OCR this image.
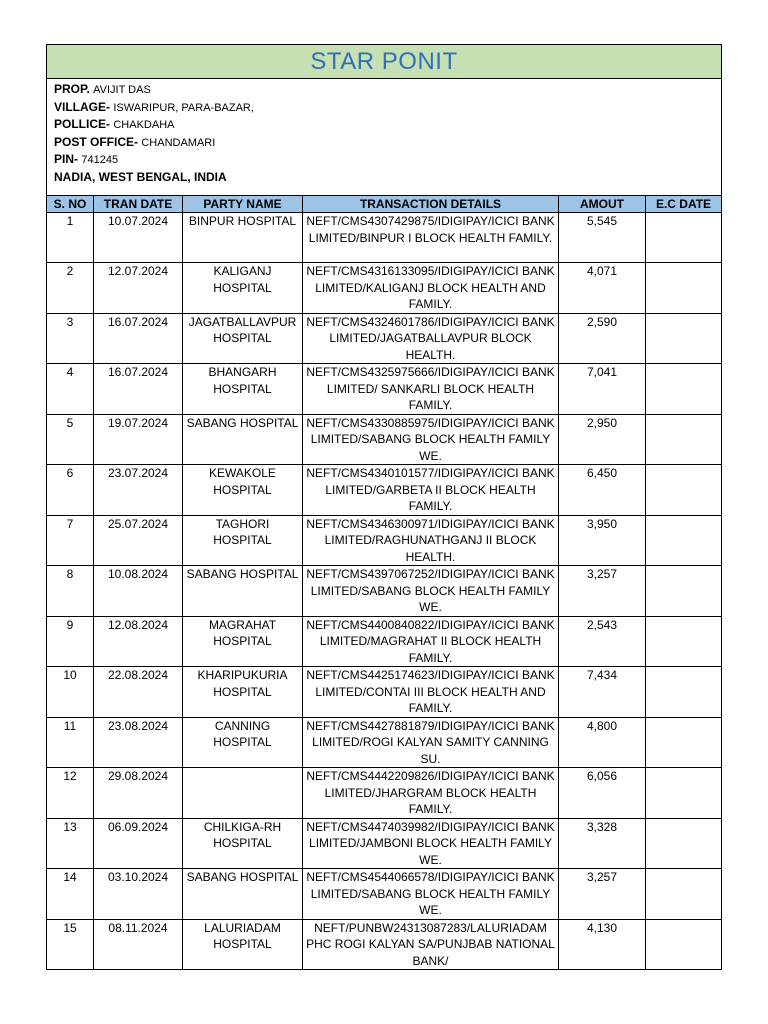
STAR PONIT
PROP. AVIJIT DAS
VILLAGE- ISWARIPUR, PARA-BAZAR,
POLLICE- CHAKDAHA
POST OFFICE- CHANDAMARI
PIN- 741245
NADIA, WEST BENGAL, INDIA
S. NO	TRAN DATE	PARTY NAME	TRANSACTION DETAILS	AMOUT	E.C DATE
1	10.07.2024	BINPUR HOSPITAL	NEFT/CMS4307429875/IDIGIPAY/ICICI BANK LIMITED/BINPUR I BLOCK HEALTH FAMILY.	5,545	
2	12.07.2024	KALIGANJ HOSPITAL	NEFT/CMS4316133095/IDIGIPAY/ICICI BANK LIMITED/KALIGANJ BLOCK HEALTH AND FAMILY.	4,071	
3	16.07.2024	JAGATBALLAVPUR HOSPITAL	NEFT/CMS4324601786/IDIGIPAY/ICICI BANK LIMITED/JAGATBALLAVPUR BLOCK HEALTH.	2,590	
4	16.07.2024	BHANGARH HOSPITAL	NEFT/CMS4325975666/IDIGIPAY/ICICI BANK LIMITED/ SANKARLI BLOCK HEALTH FAMILY.	7,041	
5	19.07.2024	SABANG HOSPITAL	NEFT/CMS4330885975/IDIGIPAY/ICICI BANK LIMITED/SABANG BLOCK HEALTH FAMILY WE.	2,950	
6	23.07.2024	KEWAKOLE HOSPITAL	NEFT/CMS4340101577/IDIGIPAY/ICICI BANK LIMITED/GARBETA II BLOCK HEALTH FAMILY.	6,450	
7	25.07.2024	TAGHORI HOSPITAL	NEFT/CMS4346300971/IDIGIPAY/ICICI BANK LIMITED/RAGHUNATHGANJ II BLOCK HEALTH.	3,950	
8	10.08.2024	SABANG HOSPITAL	NEFT/CMS4397067252/IDIGIPAY/ICICI BANK LIMITED/SABANG BLOCK HEALTH FAMILY WE.	3,257	
9	12.08.2024	MAGRAHAT HOSPITAL	NEFT/CMS4400840822/IDIGIPAY/ICICI BANK LIMITED/MAGRAHAT II BLOCK HEALTH FAMILY.	2,543	
10	22.08.2024	KHARIPUKURIA HOSPITAL	NEFT/CMS4425174623/IDIGIPAY/ICICI BANK LIMITED/CONTAI III BLOCK HEALTH AND FAMILY.	7,434	
11	23.08.2024	CANNING HOSPITAL	NEFT/CMS4427881879/IDIGIPAY/ICICI BANK LIMITED/ROGI KALYAN SAMITY CANNING SU.	4,800	
12	29.08.2024		NEFT/CMS4442209826/IDIGIPAY/ICICI BANK LIMITED/JHARGRAM BLOCK HEALTH FAMILY.	6,056	
13	06.09.2024	CHILKIGA-RH HOSPITAL	NEFT/CMS4474039982/IDIGIPAY/ICICI BANK LIMITED/JAMBONI BLOCK HEALTH FAMILY WE.	3,328	
14	03.10.2024	SABANG HOSPITAL	NEFT/CMS4544066578/IDIGIPAY/ICICI BANK LIMITED/SABANG BLOCK HEALTH FAMILY WE.	3,257	
15	08.11.2024	LALURIADAM HOSPITAL	NEFT/PUNBW24313087283/LALURIADAM PHC ROGI KALYAN SA/PUNJBAB NATIONAL BANK/	4,130	
